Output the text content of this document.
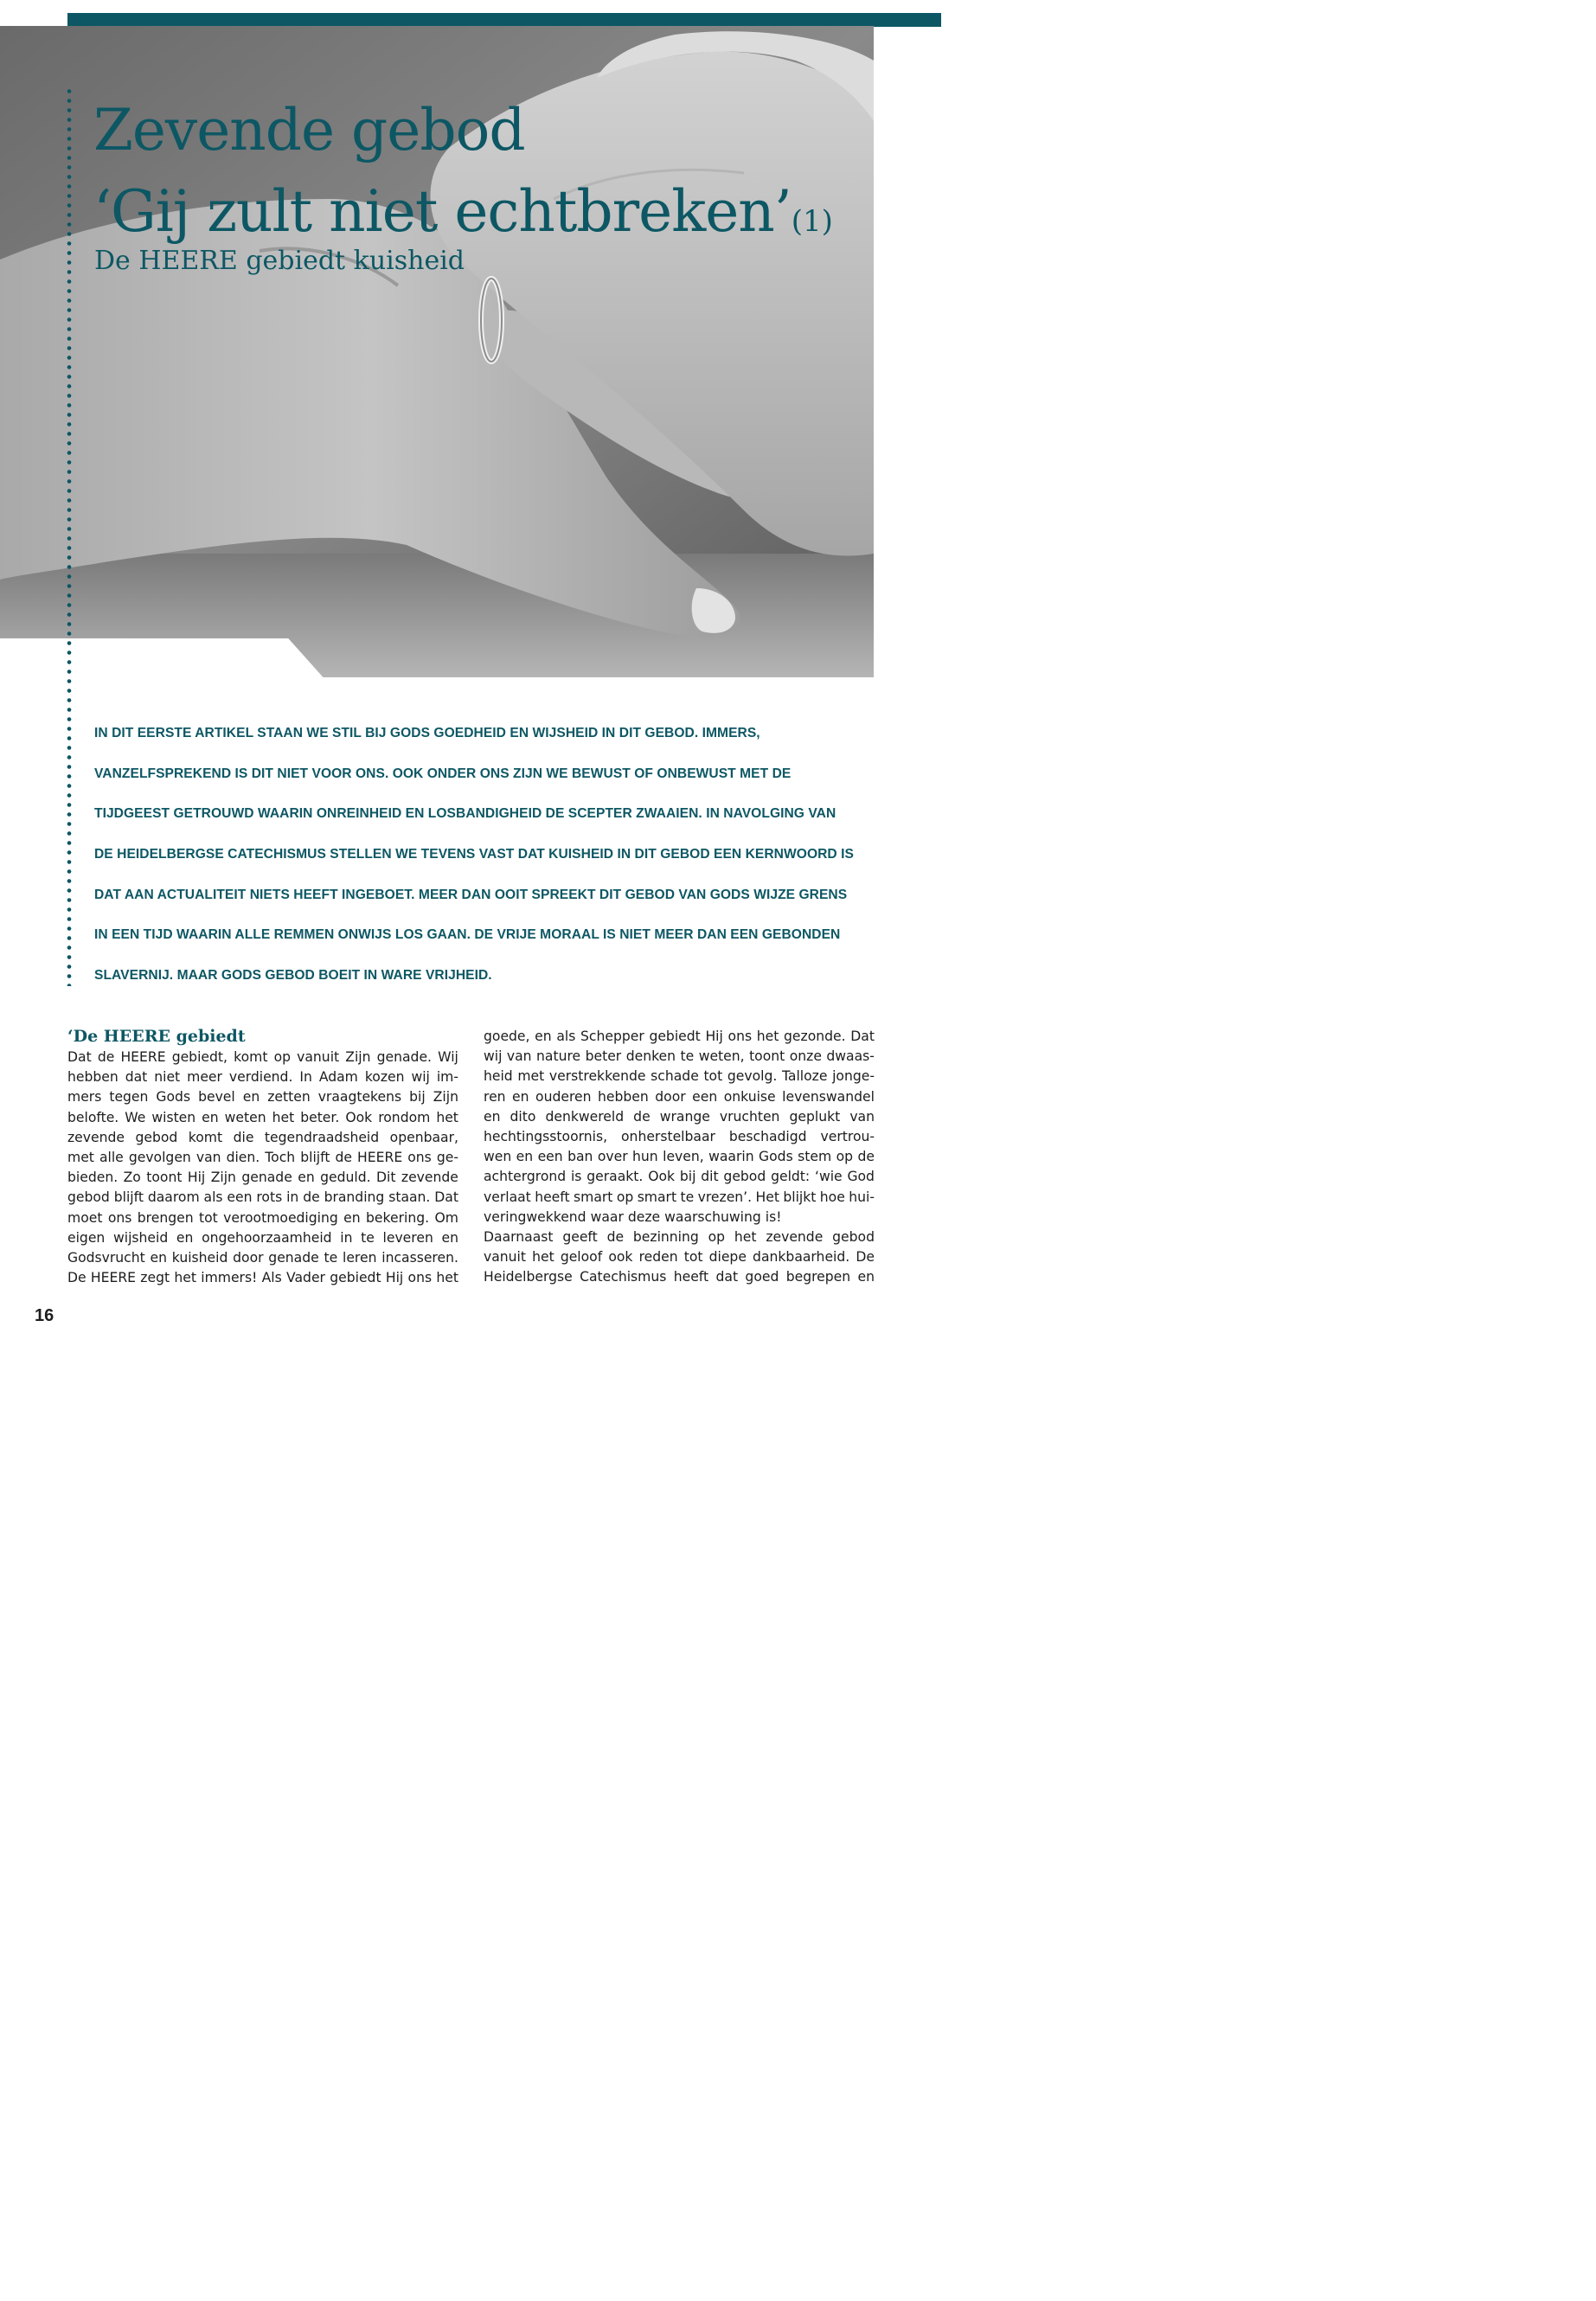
Zevende gebod
‘Gij zult niet echtbreken’(1)
De HEERE gebiedt kuisheid
IN DIT EERSTE ARTIKEL STAAN WE STIL BIJ GODS GOEDHEID EN WIJSHEID IN DIT GEBOD. IMMERS,
VANZELFSPREKEND IS DIT NIET VOOR ONS. OOK ONDER ONS ZIJN WE BEWUST OF ONBEWUST MET DE
TIJDGEEST GETROUWD WAARIN ONREINHEID EN LOSBANDIGHEID DE SCEPTER ZWAAIEN. IN NAVOLGING VAN
DE HEIDELBERGSE CATECHISMUS STELLEN WE TEVENS VAST DAT KUISHEID IN DIT GEBOD EEN KERNWOORD IS
DAT AAN ACTUALITEIT NIETS HEEFT INGEBOET. MEER DAN OOIT SPREEKT DIT GEBOD VAN GODS WIJZE GRENS
IN EEN TIJD WAARIN ALLE REMMEN ONWIJS LOS GAAN. DE VRIJE MORAAL IS NIET MEER DAN EEN GEBONDEN
SLAVERNIJ. MAAR GODS GEBOD BOEIT IN WARE VRIJHEID.
‘De HEERE gebiedt
Dat de HEERE gebiedt, komt op vanuit Zijn genade. Wij
hebben dat niet meer verdiend. In Adam kozen wij im-
mers tegen Gods bevel en zetten vraagtekens bij Zijn
belofte. We wisten en weten het beter. Ook rondom het
zevende gebod komt die tegendraadsheid openbaar,
met alle gevolgen van dien. Toch blijft de HEERE ons ge-
bieden. Zo toont Hij Zijn genade en geduld. Dit zevende
gebod blijft daarom als een rots in de branding staan. Dat
moet ons brengen tot verootmoediging en bekering. Om
eigen wijsheid en ongehoorzaamheid in te leveren en
Godsvrucht en kuisheid door genade te leren incasseren.
De HEERE zegt het immers! Als Vader gebiedt Hij ons het
goede, en als Schepper gebiedt Hij ons het gezonde. Dat
wij van nature beter denken te weten, toont onze dwaas-
heid met verstrekkende schade tot gevolg. Talloze jonge-
ren en ouderen hebben door een onkuise levenswandel
en dito denkwereld de wrange vruchten geplukt van
hechtingsstoornis, onherstelbaar beschadigd vertrou-
wen en een ban over hun leven, waarin Gods stem op de
achtergrond is geraakt. Ook bij dit gebod geldt: ‘wie God
verlaat heeft smart op smart te vrezen’. Het blijkt hoe hui-
veringwekkend waar deze waarschuwing is!
Daarnaast geeft de bezinning op het zevende gebod
vanuit het geloof ook reden tot diepe dankbaarheid. De
Heidelbergse Catechismus heeft dat goed begrepen en
16
